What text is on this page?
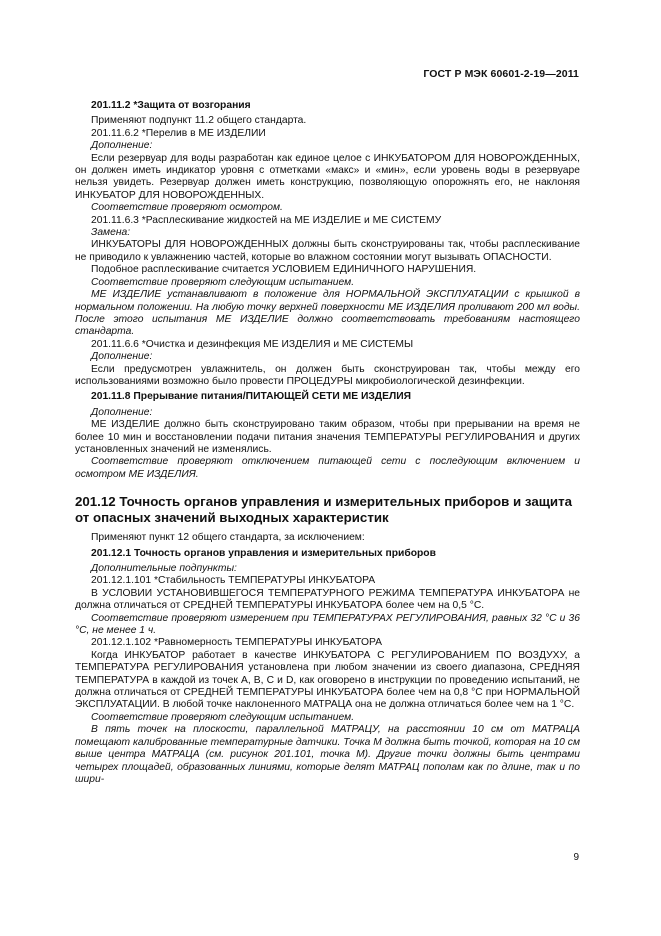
ГОСТ Р МЭК 60601-2-19—2011

201.11.2 *Защита от возгорания

Применяют подпункт 11.2 общего стандарта.

201.11.6.2 *Перелив в МЕ ИЗДЕЛИИ

Дополнение:

Если резервуар для воды разработан как единое целое с ИНКУБАТОРОМ ДЛЯ НОВОРОЖДЕННЫХ, он должен иметь индикатор уровня с отметками «макс» и «мин», если уровень воды в резервуаре нельзя увидеть. Резервуар должен иметь конструкцию, позволяющую опорожнять его, не наклоняя ИНКУБАТОР ДЛЯ НОВОРОЖДЕННЫХ.

Соответствие проверяют осмотром.

201.11.6.3 *Расплескивание жидкостей на МЕ ИЗДЕЛИЕ и МЕ СИСТЕМУ

Замена:

ИНКУБАТОРЫ ДЛЯ НОВОРОЖДЕННЫХ должны быть сконструированы так, чтобы расплескивание не приводило к увлажнению частей, которые во влажном состоянии могут вызывать ОПАСНОСТИ.

Подобное расплескивание считается УСЛОВИЕМ ЕДИНИЧНОГО НАРУШЕНИЯ.

Соответствие проверяют следующим испытанием.

МЕ ИЗДЕЛИЕ устанавливают в положение для НОРМАЛЬНОЙ ЭКСПЛУАТАЦИИ с крышкой в нормальном положении. На любую точку верхней поверхности МЕ ИЗДЕЛИЯ проливают 200 мл воды. После этого испытания МЕ ИЗДЕЛИЕ должно соответствовать требованиям настоящего стандарта.

201.11.6.6 *Очистка и дезинфекция МЕ ИЗДЕЛИЯ и МЕ СИСТЕМЫ

Дополнение:

Если предусмотрен увлажнитель, он должен быть сконструирован так, чтобы между его использованиями возможно было провести ПРОЦЕДУРЫ микробиологической дезинфекции.

201.11.8 Прерывание питания/ПИТАЮЩЕЙ СЕТИ МЕ ИЗДЕЛИЯ

Дополнение:

МЕ ИЗДЕЛИЕ должно быть сконструировано таким образом, чтобы при прерывании на время не более 10 мин и восстановлении подачи питания значения ТЕМПЕРАТУРЫ РЕГУЛИРОВАНИЯ и других установленных значений не изменялись.

Соответствие проверяют отключением питающей сети с последующим включением и осмотром МЕ ИЗДЕЛИЯ.

201.12 Точность органов управления и измерительных приборов и защита от опасных значений выходных характеристик

Применяют пункт 12 общего стандарта, за исключением:

201.12.1 Точность органов управления и измерительных приборов

Дополнительные подпункты:

201.12.1.101 *Стабильность ТЕМПЕРАТУРЫ ИНКУБАТОРА

В УСЛОВИИ УСТАНОВИВШЕГОСЯ ТЕМПЕРАТУРНОГО РЕЖИМА ТЕМПЕРАТУРА ИНКУБАТОРА не должна отличаться от СРЕДНЕЙ ТЕМПЕРАТУРЫ ИНКУБАТОРА более чем на 0,5 °С.

Соответствие проверяют измерением при ТЕМПЕРАТУРАХ РЕГУЛИРОВАНИЯ, равных 32 °С и 36 °С, не менее 1 ч.

201.12.1.102 *Равномерность ТЕМПЕРАТУРЫ ИНКУБАТОРА

Когда ИНКУБАТОР работает в качестве ИНКУБАТОРА С РЕГУЛИРОВАНИЕМ ПО ВОЗДУХУ, а ТЕМПЕРАТУРА РЕГУЛИРОВАНИЯ установлена при любом значении из своего диапазона, СРЕДНЯЯ ТЕМПЕРАТУРА в каждой из точек А, В, С и D, как оговорено в инструкции по проведению испытаний, не должна отличаться от СРЕДНЕЙ ТЕМПЕРАТУРЫ ИНКУБАТОРА более чем на 0,8 °С при НОРМАЛЬНОЙ ЭКСПЛУАТАЦИИ. В любой точке наклоненного МАТРАЦА она не должна отличаться более чем на 1 °С.

Соответствие проверяют следующим испытанием.

В пять точек на плоскости, параллельной МАТРАЦУ, на расстоянии 10 см от МАТРАЦА помещают калиброванные температурные датчики. Точка М должна быть точкой, которая на 10 см выше центра МАТРАЦА (см. рисунок 201.101, точка М). Другие точки должны быть центрами четырех площадей, образованных линиями, которые делят МАТРАЦ пополам как по длине, так и по шири-

9
